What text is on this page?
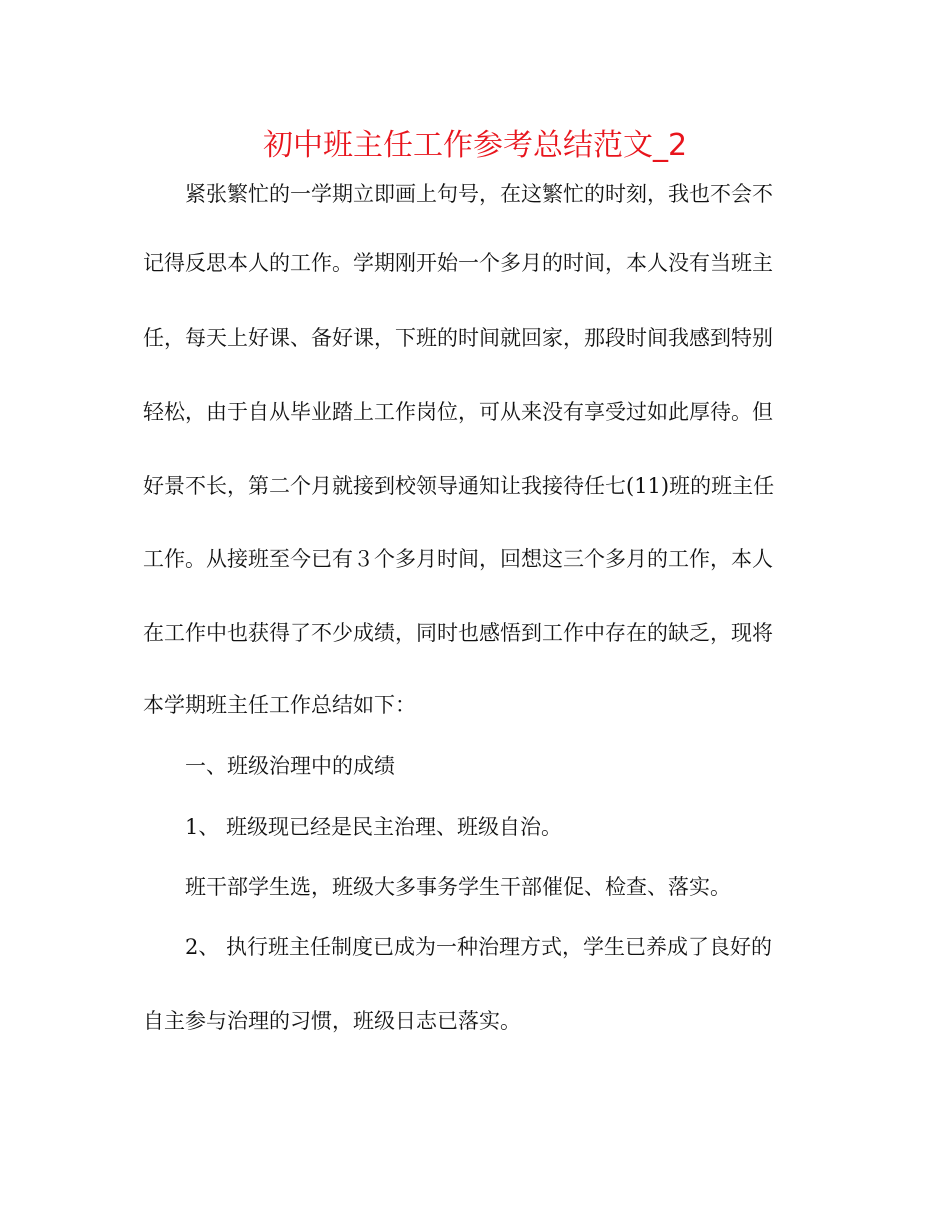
初中班主任工作参考总结范文_2
紧张繁忙的一学期立即画上句号，在这繁忙的时刻，我也不会不
记得反思本人的工作。学期刚开始一个多月的时间，本人没有当班主
任，每天上好课、备好课，下班的时间就回家，那段时间我感到特别
轻松，由于自从毕业踏上工作岗位，可从来没有享受过如此厚待。但
好景不长，第二个月就接到校领导通知让我接待任七(11)班的班主任
工作。从接班至今已有３个多月时间，回想这三个多月的工作，本人
在工作中也获得了不少成绩，同时也感悟到工作中存在的缺乏，现将
本学期班主任工作总结如下：
一、班级治理中的成绩
1、 班级现已经是民主治理、班级自治。
班干部学生选，班级大多事务学生干部催促、检查、落实。
2、 执行班主任制度已成为一种治理方式，学生已养成了良好的
自主参与治理的习惯，班级日志已落实。
